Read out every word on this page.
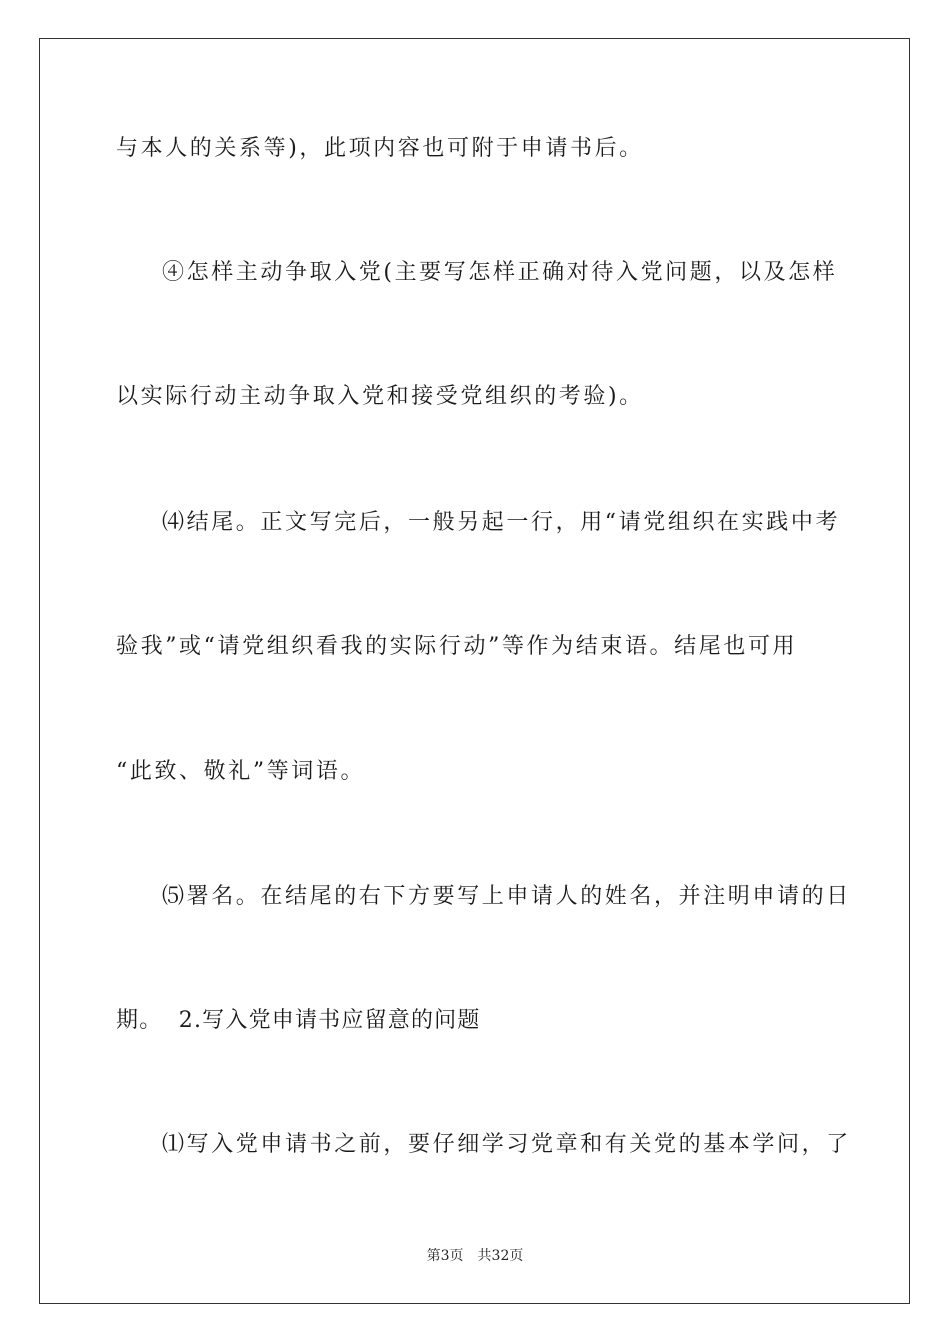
与本人的关系等)，此项内容也可附于申请书后。
④怎样主动争取入党(主要写怎样正确对待入党问题，以及怎样
以实际行动主动争取入党和接受党组织的考验)。
⑷结尾。正文写完后，一般另起一行，用“请党组织在实践中考
验我”或“请党组织看我的实际行动”等作为结束语。结尾也可用
“此致、敬礼”等词语。
⑸署名。在结尾的右下方要写上申请人的姓名，并注明申请的日
期。  2.写入党申请书应留意的问题
⑴写入党申请书之前，要仔细学习党章和有关党的基本学问，了
第3页 共32页
